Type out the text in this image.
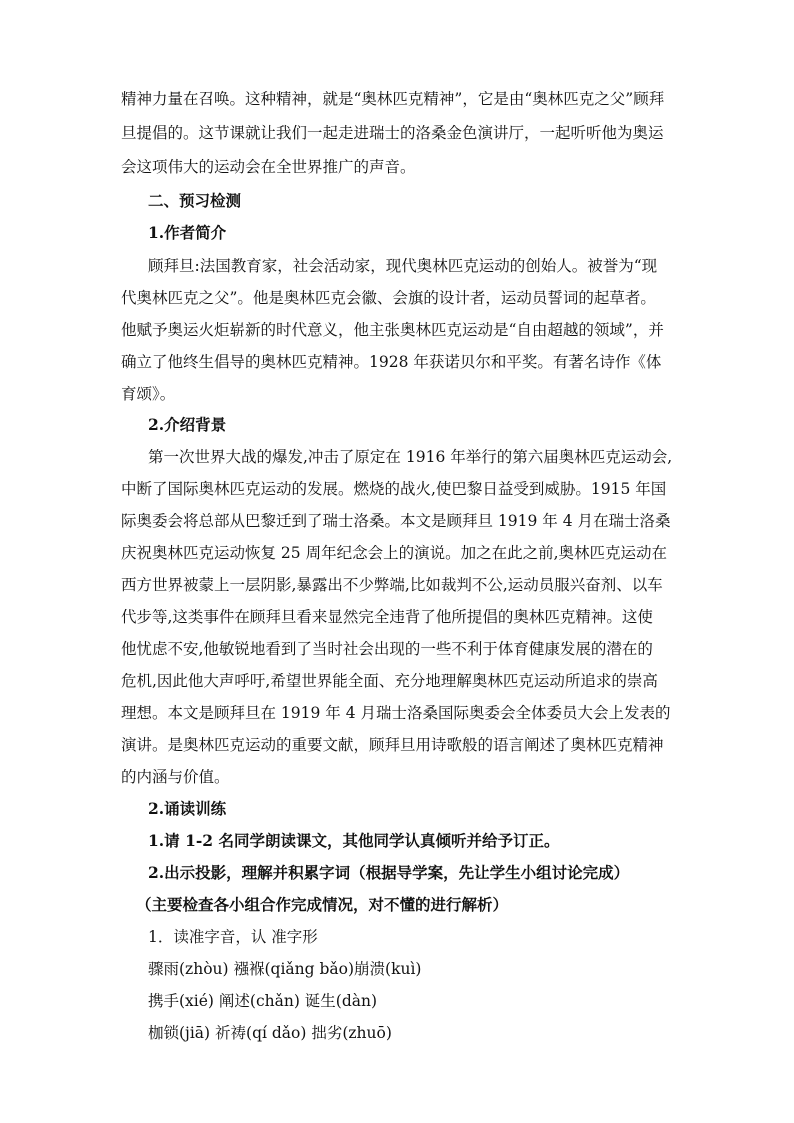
精神力量在召唤。这种精神，就是“奥林匹克精神”，它是由“奥林匹克之父”顾拜
旦提倡的。这节课就让我们一起走进瑞士的洛桑金色演讲厅，一起听听他为奥运
会这项伟大的运动会在全世界推广的声音。
二、预习检测
1.作者简介
顾拜旦:法国教育家，社会活动家，现代奥林匹克运动的创始人。被誉为“现
代奥林匹克之父”。他是奥林匹克会徽、会旗的设计者，运动员誓词的起草者。
他赋予奥运火炬崭新的时代意义，他主张奥林匹克运动是“自由超越的领域”，并
确立了他终生倡导的奥林匹克精神。1928 年获诺贝尔和平奖。有著名诗作《体
育颂》。
2.介绍背景
第一次世界大战的爆发,冲击了原定在 1916 年举行的第六届奥林匹克运动会,
中断了国际奥林匹克运动的发展。燃烧的战火,使巴黎日益受到威胁。1915 年国
际奥委会将总部从巴黎迁到了瑞士洛桑。本文是顾拜旦 1919 年 4 月在瑞士洛桑
庆祝奥林匹克运动恢复 25 周年纪念会上的演说。加之在此之前,奥林匹克运动在
西方世界被蒙上一层阴影,暴露出不少弊端,比如裁判不公,运动员服兴奋剂、以车
代步等,这类事件在顾拜旦看来显然完全违背了他所提倡的奥林匹克精神。这使
他忧虑不安,他敏锐地看到了当时社会出现的一些不利于体育健康发展的潜在的
危机,因此他大声呼吁,希望世界能全面、充分地理解奥林匹克运动所追求的崇高
理想。本文是顾拜旦在 1919 年 4 月瑞士洛桑国际奥委会全体委员大会上发表的
演讲。是奥林匹克运动的重要文献，顾拜旦用诗歌般的语言阐述了奥林匹克精神
的内涵与价值。
2.诵读训练
1.请 1-2 名同学朗读课文，其他同学认真倾听并给予订正。
2.出示投影，理解并积累字词（根据导学案，先让学生小组讨论完成）
（主要检查各小组合作完成情况，对不懂的进行解析）
1．读准字音，认 准字形
骤雨(zhòu) 襁褓(qiǎng bǎo)崩溃(kuì)
携手(xié) 阐述(chǎn) 诞生(dàn)
枷锁(jiā) 祈祷(qí dǎo) 拙劣(zhuō)
